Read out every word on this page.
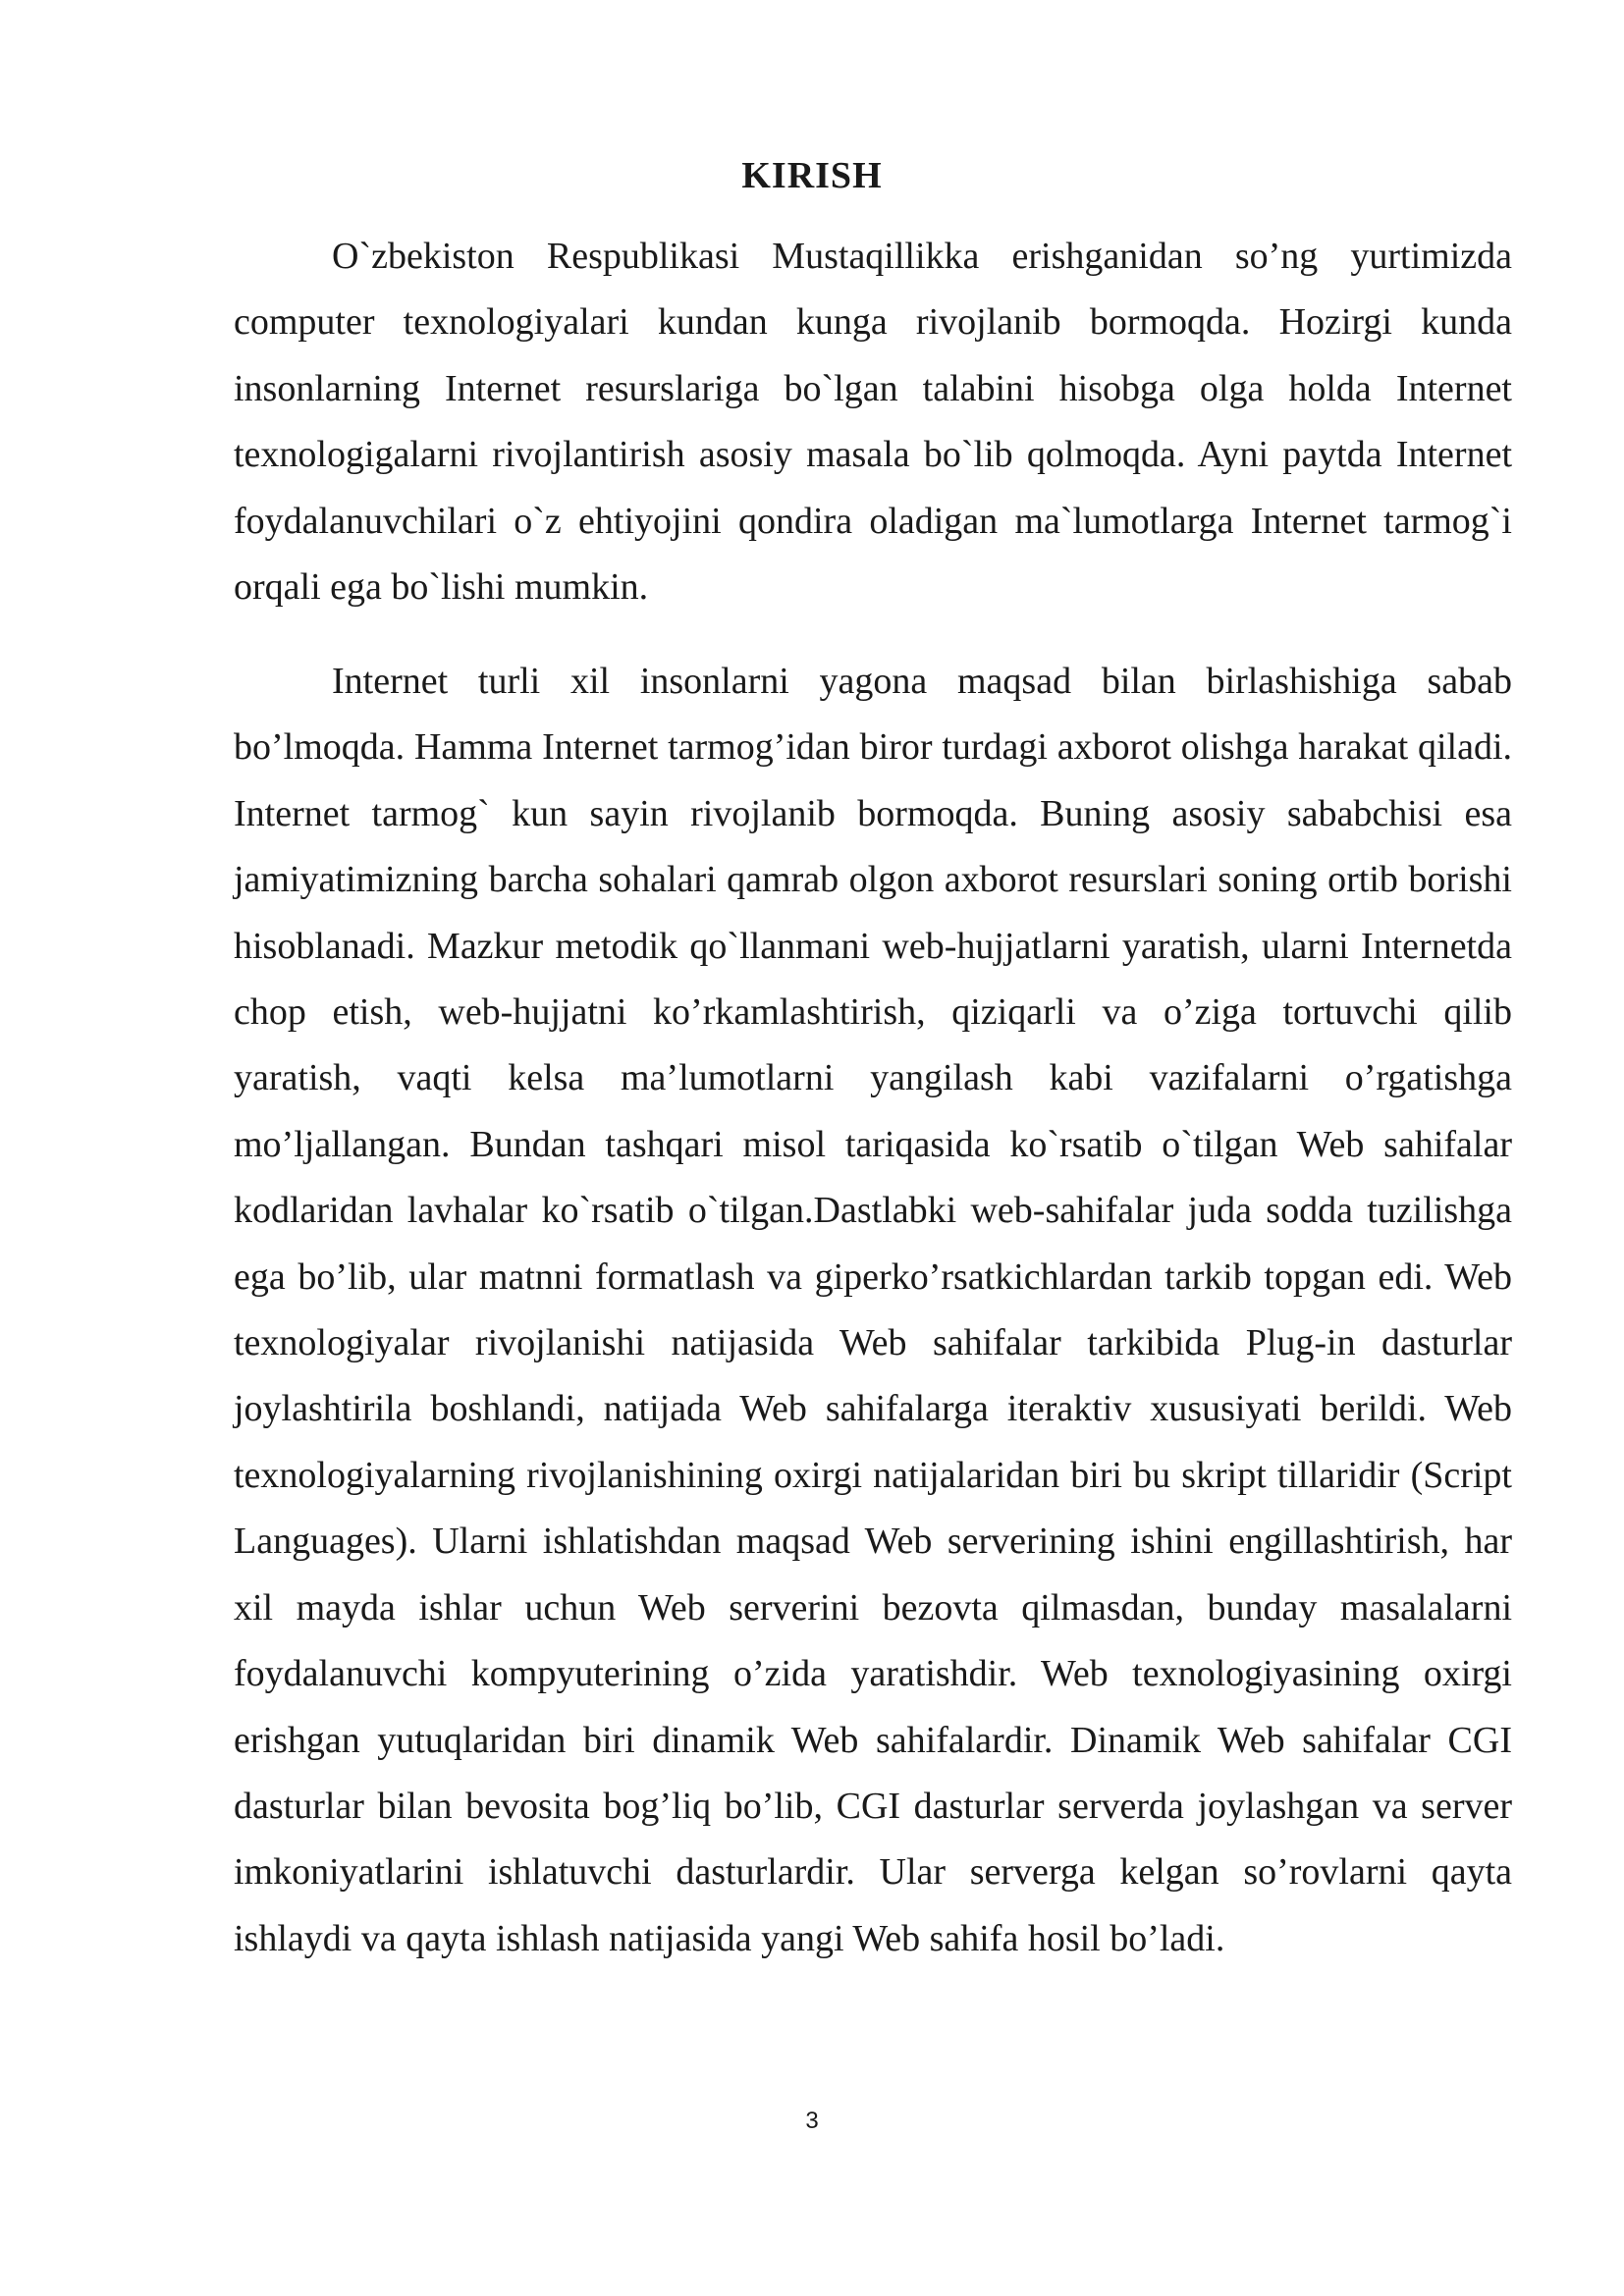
KIRISH

O`zbekiston Respublikasi Mustaqillikka erishganidan so’ng yurtimizda computer texnologiyalari kundan kunga rivojlanib bormoqda. Hozirgi kunda insonlarning Internet resurslariga bo`lgan talabini hisobga olga holda Internet texnologigalarni rivojlantirish asosiy masala bo`lib qolmoqda. Ayni paytda Internet foydalanuvchilari o`z ehtiyojini qondira oladigan ma`lumotlarga Internet tarmog`i orqali ega bo`lishi mumkin.

Internet turli xil insonlarni yagona maqsad bilan birlashishiga sabab bo’lmoqda. Hamma Internet tarmog’idan biror turdagi axborot olishga harakat qiladi. Internet tarmog` kun sayin rivojlanib bormoqda. Buning asosiy sababchisi esa jamiyatimizning barcha sohalari qamrab olgon axborot resurslari soning ortib borishi hisoblanadi. Mazkur metodik qo`llanmani web-hujjatlarni yaratish, ularni Internetda chop etish, web-hujjatni ko’rkamlashtirish, qiziqarli va o’ziga tortuvchi qilib yaratish, vaqti kelsa ma’lumotlarni yangilash kabi vazifalarni o’rgatishga mo’ljallangan. Bundan tashqari misol tariqasida ko`rsatib o`tilgan Web sahifalar kodlaridan lavhalar ko`rsatib o`tilgan.Dastlabki web-sahifalar juda sodda tuzilishga ega bo’lib, ular matnni formatlash va giperko’rsatkichlardan tarkib topgan edi. Web texnologiyalar rivojlanishi natijasida Web sahifalar tarkibida Plug-in dasturlar joylashtirila boshlandi, natijada Web sahifalarga iteraktiv xususiyati berildi. Web texnologiyalarning rivojlanishining oxirgi natijalaridan biri bu skript tillaridir (Script Languages). Ularni ishlatishdan maqsad Web serverining ishini engillashtirish, har xil mayda ishlar uchun Web serverini bezovta qilmasdan, bunday masalalarni foydalanuvchi kompyuterining o’zida yaratishdir. Web texnologiyasining oxirgi erishgan yutuqlaridan biri dinamik Web sahifalardir. Dinamik Web sahifalar CGI dasturlar bilan bevosita bog’liq bo’lib, CGI dasturlar serverda joylashgan va server imkoniyatlarini ishlatuvchi dasturlardir. Ular serverga kelgan so’rovlarni qayta ishlaydi va qayta ishlash natijasida yangi Web sahifa hosil bo’ladi.

3
